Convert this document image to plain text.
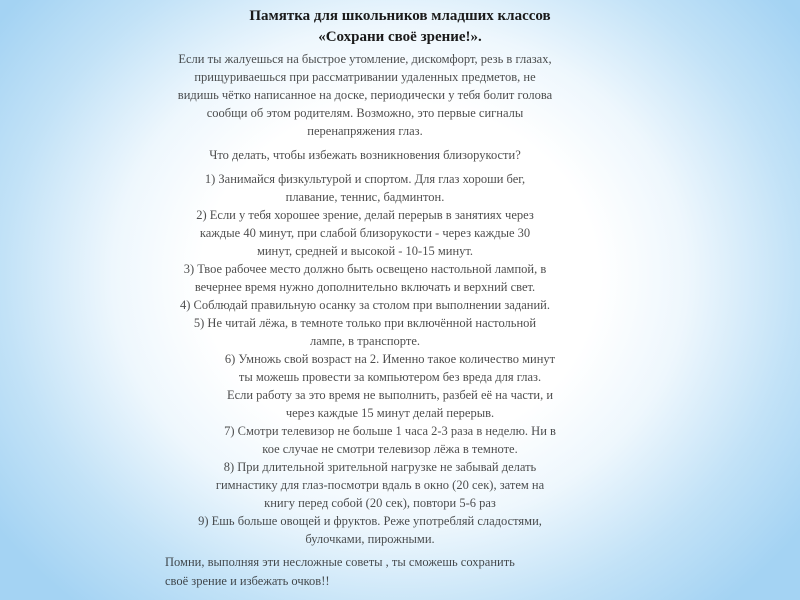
Памятка для школьников младших классов
«Сохрани своё зрение!».
Если ты жалуешься на быстрое утомление, дискомфорт, резь в глазах,
прищуриваешься при рассматривании удаленных предметов, не
видишь чётко написанное на доске, периодически у тебя болит голова
сообщи об этом родителям. Возможно, это первые сигналы
перенапряжения глаз.
Что делать, чтобы избежать возникновения близорукости?
1) Занимайся физкультурой и спортом. Для глаз хороши бег,
плавание, теннис, бадминтон.
2) Если у тебя хорошее зрение, делай перерыв в занятиях через
каждые 40 минут, при слабой близорукости - через каждые 30
минут, средней и высокой - 10-15 минут.
3) Твое рабочее место должно быть освещено настольной лампой, в
вечернее время нужно дополнительно включать и верхний свет.
4) Соблюдай правильную осанку за столом при выполнении заданий.
5) Не читай лёжа, в темноте только при включённой настольной
лампе, в транспорте.
6) Умножь свой возраст на 2. Именно такое количество минут
ты можешь провести за компьютером без вреда для глаз.
Если работу за это время не выполнить, разбей её на части, и
через каждые 15 минут делай перерыв.
7) Смотри телевизор не больше 1 часа 2-3 раза в неделю. Ни в
кое случае не смотри телевизор лёжа в темноте.
8) При длительной зрительной нагрузке не забывай делать
гимнастику для глаз-посмотри вдаль в окно (20 сек), затем на
книгу перед собой (20 сек), повтори 5-6 раз
9) Ешь больше овощей и фруктов. Реже употребляй сладостями,
булочками, пирожными.
Помни, выполняя эти несложные советы , ты сможешь сохранить
своё зрение и избежать очков!!
